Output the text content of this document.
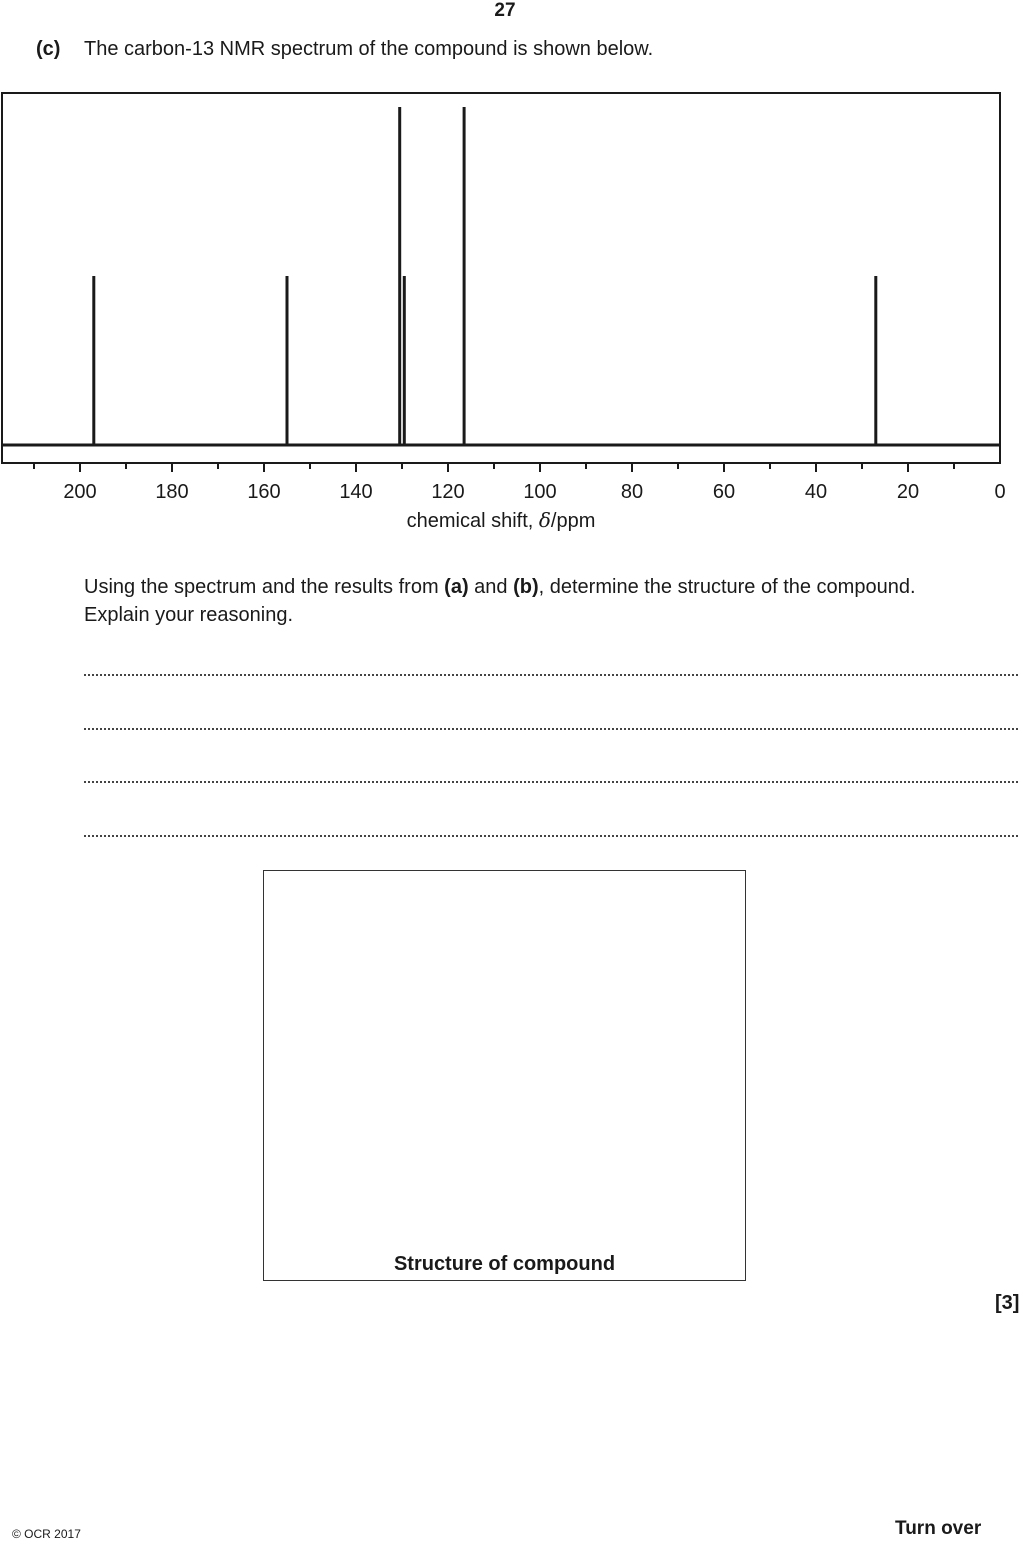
27
(c) The carbon-13 NMR spectrum of the compound is shown below.
200	180	160	140	120	100	80	60	40	20	0
chemical shift, δ/ppm
Using the spectrum and the results from (a) and (b), determine the structure of the compound.
Explain your reasoning.
Structure of compound
[3]
© OCR 2017	Turn over
